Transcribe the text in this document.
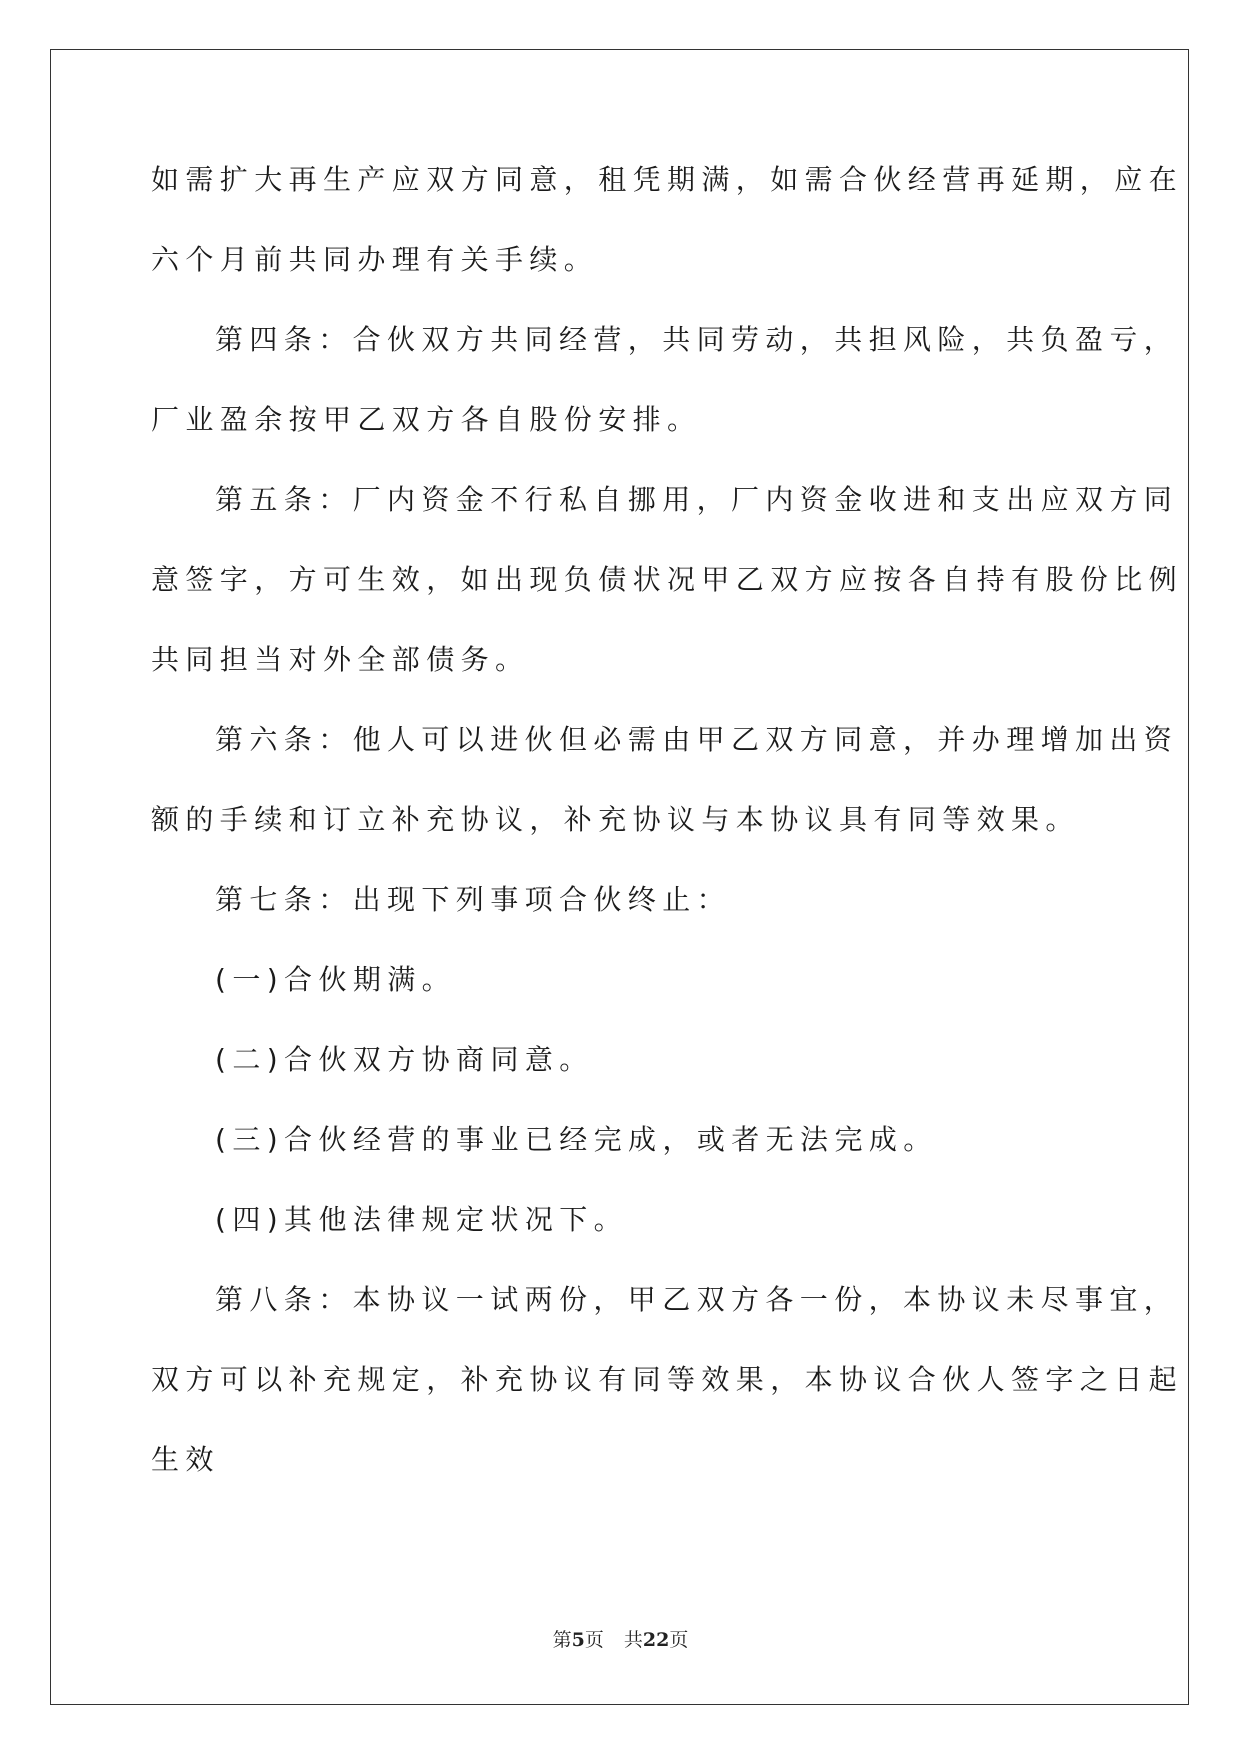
如需扩大再生产应双方同意，租凭期满，如需合伙经营再延期，应在
六个月前共同办理有关手续。
第四条：合伙双方共同经营，共同劳动，共担风险，共负盈亏，
厂业盈余按甲乙双方各自股份安排。
第五条：厂内资金不行私自挪用，厂内资金收进和支出应双方同
意签字，方可生效，如出现负债状况甲乙双方应按各自持有股份比例
共同担当对外全部债务。
第六条：他人可以进伙但必需由甲乙双方同意，并办理增加出资
额的手续和订立补充协议，补充协议与本协议具有同等效果。
第七条：出现下列事项合伙终止：
(一)合伙期满。
(二)合伙双方协商同意。
(三)合伙经营的事业已经完成，或者无法完成。
(四)其他法律规定状况下。
第八条：本协议一试两份，甲乙双方各一份，本协议未尽事宜，
双方可以补充规定，补充协议有同等效果，本协议合伙人签字之日起
生效
第5页 共22页
